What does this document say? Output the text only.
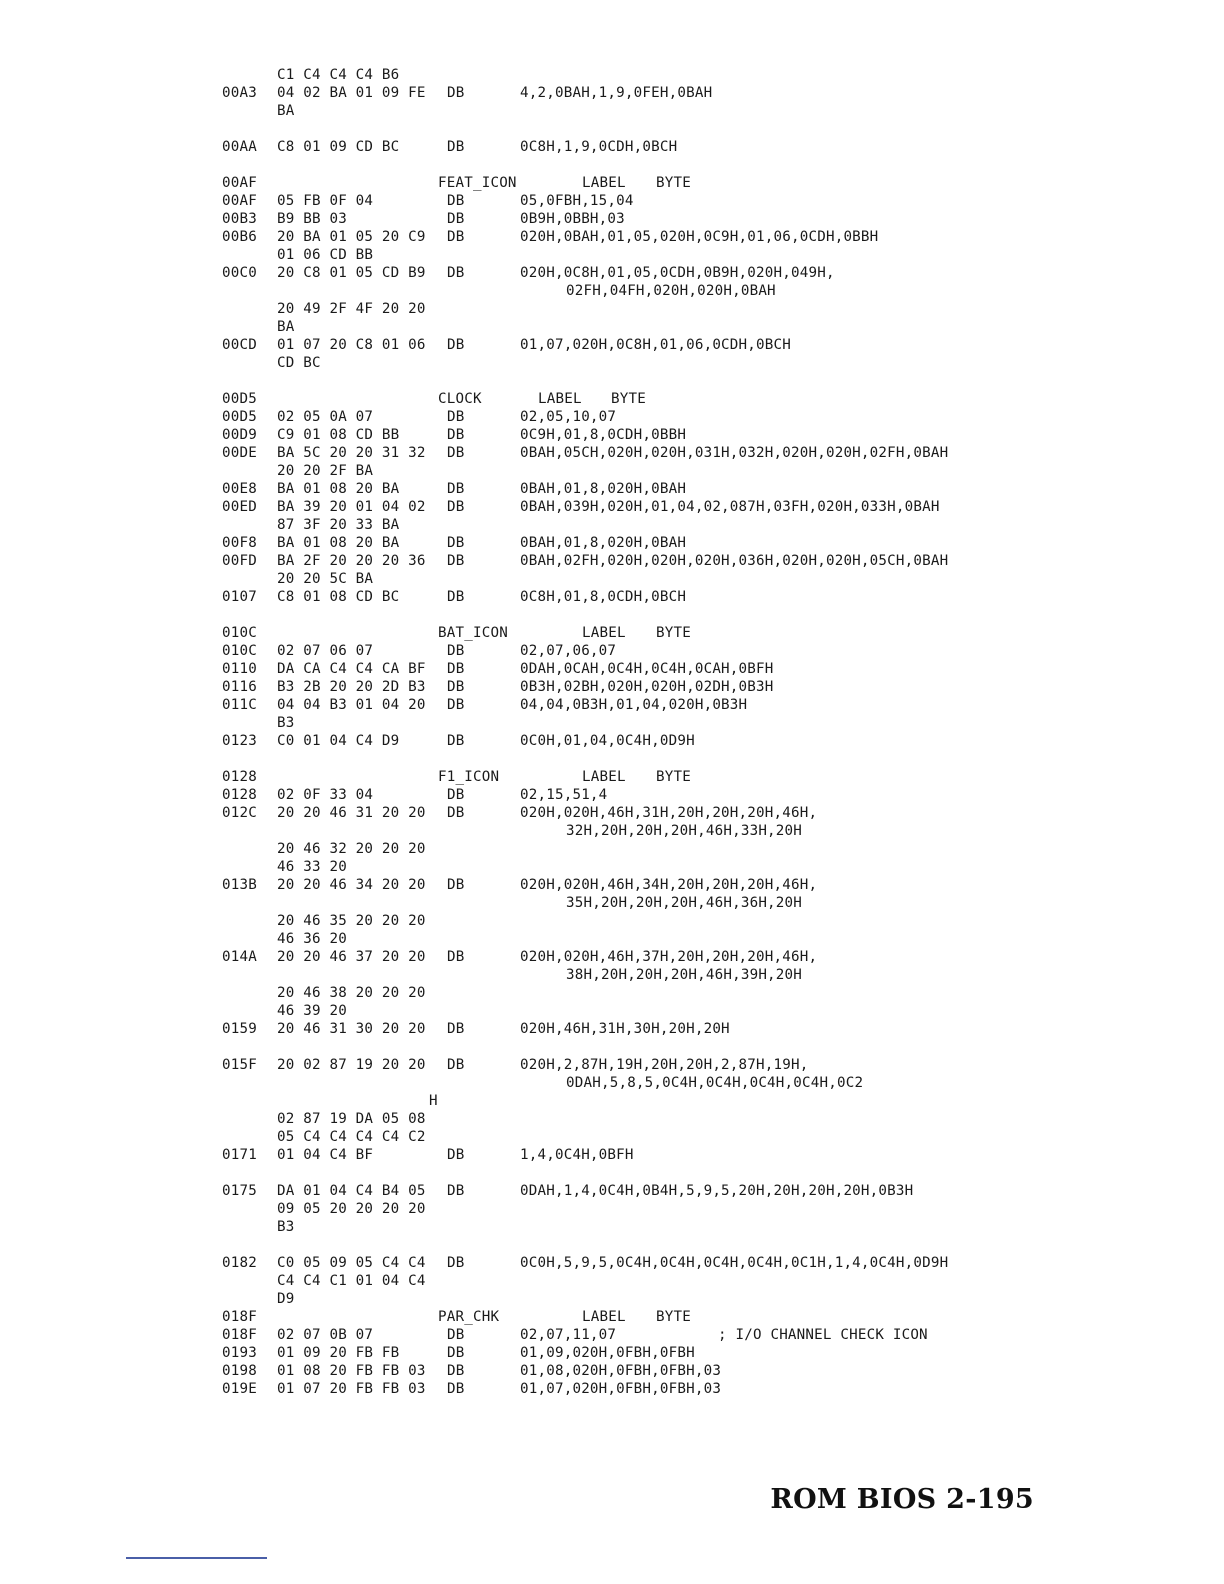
C1 C4 C4 C4 B6
00A3 04 02 BA 01 09 FE DB	4,2,0BAH,1,9,0FEH,0BAH
BA
00AA C8 01 09 CD BC	DB	0C8H,1,9,0CDH,0BCH
00AF	FEAT_ICON	LABEL BYTE
00AF 05 FB 0F 04	DB	05,0FBH,15,04
00B3 B9 BB 03	DB	0B9H,0BBH,03
00B6 20 BA 01 05 20 C9 DB	020H,0BAH,01,05,020H,0C9H,01,06,0CDH,0BBH
01 06 CD BB
00C0 20 C8 01 05 CD B9 DB	020H,0C8H,01,05,0CDH,0B9H,020H,049H,
02FH,04FH,020H,020H,0BAH
20 49 2F 4F 20 20
BA
00CD 01 07 20 C8 01 06 DB	01,07,020H,0C8H,01,06,0CDH,0BCH
CD BC
00D5	CLOCK	LABEL BYTE
00D5 02 05 0A 07	DB	02,05,10,07
00D9 C9 01 08 CD BB	DB	0C9H,01,8,0CDH,0BBH
00DE BA 5C 20 20 31 32 DB	0BAH,05CH,020H,020H,031H,032H,020H,020H,02FH,0BAH
20 20 2F BA
00E8 BA 01 08 20 BA	DB	0BAH,01,8,020H,0BAH
00ED BA 39 20 01 04 02 DB	0BAH,039H,020H,01,04,02,087H,03FH,020H,033H,0BAH
87 3F 20 33 BA
00F8 BA 01 08 20 BA	DB	0BAH,01,8,020H,0BAH
00FD BA 2F 20 20 20 36 DB	0BAH,02FH,020H,020H,020H,036H,020H,020H,05CH,0BAH
20 20 5C BA
0107 C8 01 08 CD BC	DB	0C8H,01,8,0CDH,0BCH
010C	BAT_ICON	LABEL BYTE
010C 02 07 06 07	DB	02,07,06,07
0110 DA CA C4 C4 CA BF DB	0DAH,0CAH,0C4H,0C4H,0CAH,0BFH
0116 B3 2B 20 20 2D B3 DB	0B3H,02BH,020H,020H,02DH,0B3H
011C 04 04 B3 01 04 20 DB	04,04,0B3H,01,04,020H,0B3H
B3
0123 C0 01 04 C4 D9	DB	0C0H,01,04,0C4H,0D9H
0128	F1_ICON	LABEL BYTE
0128 02 0F 33 04	DB	02,15,51,4
012C 20 20 46 31 20 20 DB	020H,020H,46H,31H,20H,20H,20H,46H,
32H,20H,20H,20H,46H,33H,20H
20 46 32 20 20 20
46 33 20
013B 20 20 46 34 20 20 DB	020H,020H,46H,34H,20H,20H,20H,46H,
35H,20H,20H,20H,46H,36H,20H
20 46 35 20 20 20
46 36 20
014A 20 20 46 37 20 20 DB	020H,020H,46H,37H,20H,20H,20H,46H,
38H,20H,20H,20H,46H,39H,20H
20 46 38 20 20 20
46 39 20
0159 20 46 31 30 20 20 DB	020H,46H,31H,30H,20H,20H
015F 20 02 87 19 20 20 DB	020H,2,87H,19H,20H,20H,2,87H,19H,
0DAH,5,8,5,0C4H,0C4H,0C4H,0C4H,0C2
H
02 87 19 DA 05 08
05 C4 C4 C4 C4 C2
0171 01 04 C4 BF	DB	1,4,0C4H,0BFH
0175 DA 01 04 C4 B4 05 DB	0DAH,1,4,0C4H,0B4H,5,9,5,20H,20H,20H,20H,0B3H
09 05 20 20 20 20
B3
0182 C0 05 09 05 C4 C4 DB	0C0H,5,9,5,0C4H,0C4H,0C4H,0C4H,0C1H,1,4,0C4H,0D9H
C4 C4 C1 01 04 C4
D9
018F	PAR_CHK	LABEL BYTE
018F 02 07 0B 07	DB	02,07,11,07	; I/O CHANNEL CHECK ICON
0193 01 09 20 FB FB	DB	01,09,020H,0FBH,0FBH
0198 01 08 20 FB FB 03 DB	01,08,020H,0FBH,0FBH,03
019E 01 07 20 FB FB 03 DB	01,07,020H,0FBH,0FBH,03
ROM BIOS 2-195
